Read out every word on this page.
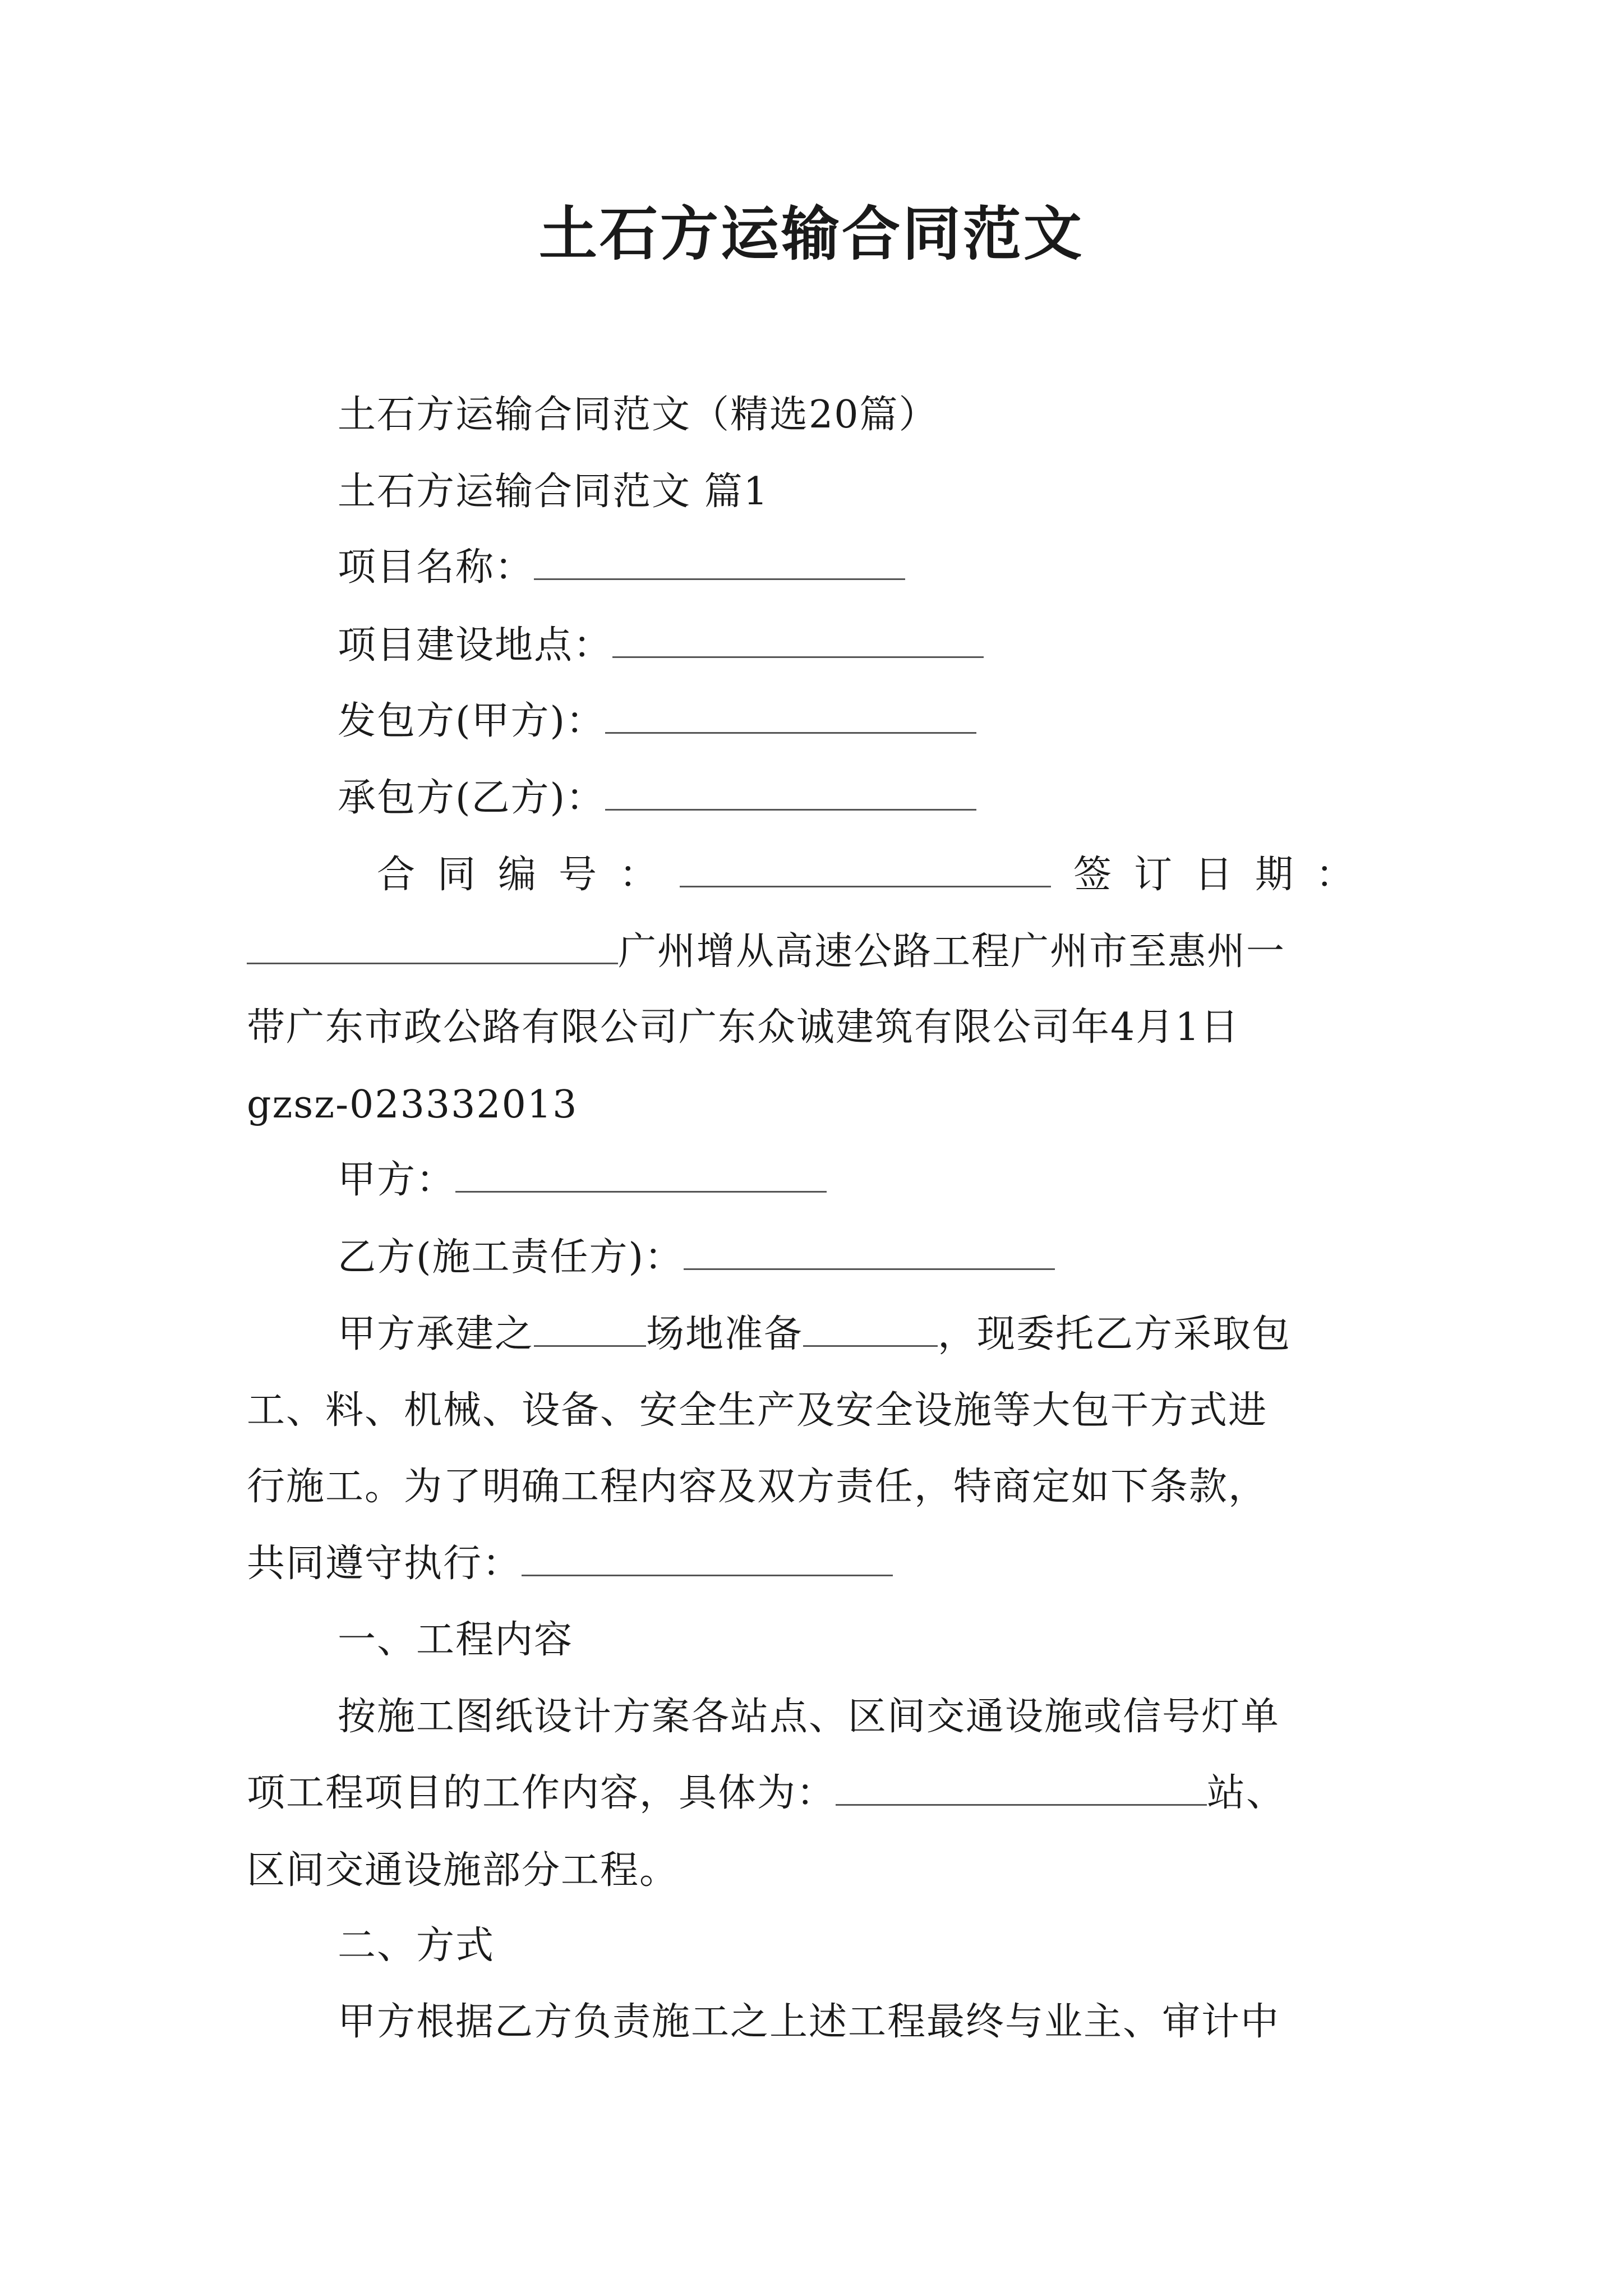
土石方运输合同范文
土石方运输合同范文（精选20篇）
土石方运输合同范文 篇1
项目名称：
项目建设地点：
发包方(甲方)：
承包方(乙方)：
合同编号：	签订日期：
广州增从高速公路工程广州市至惠州一
带广东市政公路有限公司广东众诚建筑有限公司年4月1日
gzsz-023332013
甲方：
乙方(施工责任方)：
甲方承建之	场地准备	，现委托乙方采取包
工、料、机械、设备、安全生产及安全设施等大包干方式进
行施工。为了明确工程内容及双方责任，特商定如下条款，
共同遵守执行：
一、工程内容
按施工图纸设计方案各站点、区间交通设施或信号灯单
项工程项目的工作内容，具体为：	站、
区间交通设施部分工程。
二、方式
甲方根据乙方负责施工之上述工程最终与业主、审计中
